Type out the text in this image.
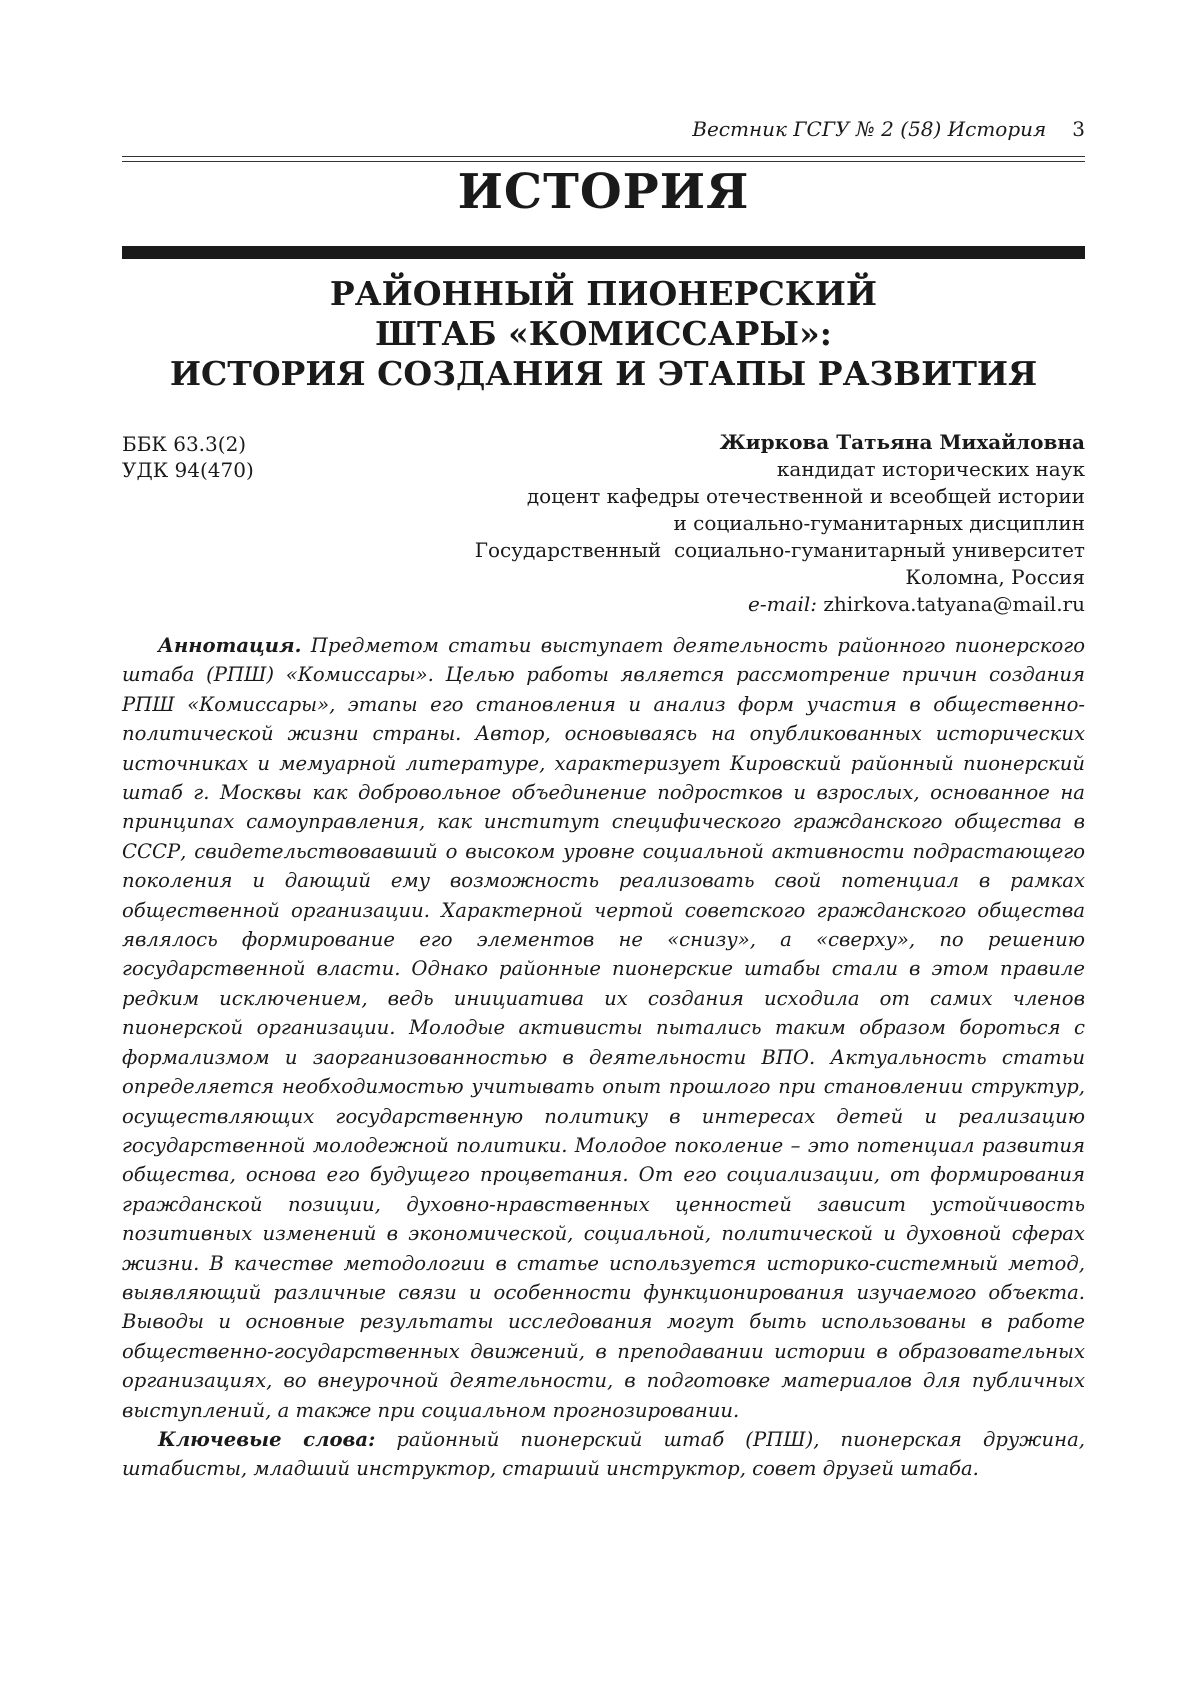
Вестник ГСГУ № 2 (58) История 3
ИСТОРИЯ
РАЙОННЫЙ ПИОНЕРСКИЙ
ШТАБ «КОМИССАРЫ»:
ИСТОРИЯ СОЗДАНИЯ И ЭТАПЫ РАЗВИТИЯ
ББК 63.3(2)
УДК 94(470)
Жиркова Татьяна Михайловна
кандидат исторических наук
доцент кафедры отечественной и всеобщей истории
и социально-гуманитарных дисциплин
Государственный  социально-гуманитарный университет
Коломна, Россия
e-mail: zhirkova.tatyana@mail.ru

Аннотация. Предметом статьи выступает деятельность районного пионерского штаба (РПШ) «Комиссары». Целью работы является рассмотрение причин создания РПШ «Комиссары», этапы его становления и анализ форм участия в общественно-политической жизни страны. Автор, основываясь на опубликованных исторических источниках и мемуарной литературе, характеризует Кировский районный пионерский штаб г. Москвы как добровольное объединение подростков и взрослых, основанное на принципах самоуправления, как институт специфического гражданского общества в СССР, свидетельствовавший о высоком уровне социальной активности подрастающего поколения и дающий ему возможность реализовать свой потенциал в рамках общественной организации. Характерной чертой советского гражданского общества являлось формирование его элементов не «снизу», а «сверху», по решению государственной власти. Однако районные пионерские штабы стали в этом правиле редким исключением, ведь инициатива их создания исходила от самих членов пионерской организации. Молодые активисты пытались таким образом бороться с формализмом и заорганизованностью в деятельности ВПО. Актуальность статьи определяется необходимостью учитывать опыт прошлого при становлении структур, осуществляющих государственную политику в интересах детей и реализацию государственной молодежной политики. Молодое поколение – это потенциал развития общества, основа его будущего процветания. От его социализации, от формирования гражданской позиции, духовно-нравственных ценностей зависит устойчивость позитивных изменений в экономической, социальной, политической и духовной сферах жизни. В качестве методологии в статье используется историко-системный метод, выявляющий различные связи и особенности функционирования изучаемого объекта. Выводы и основные результаты исследования могут быть использованы в работе общественно-государственных движений, в преподавании истории в образовательных организациях, во внеурочной деятельности, в подготовке материалов для публичных выступлений, а также при социальном прогнозировании.

Ключевые слова: районный пионерский штаб (РПШ), пионерская дружина, штабисты, младший инструктор, старший инструктор, совет друзей штаба.
